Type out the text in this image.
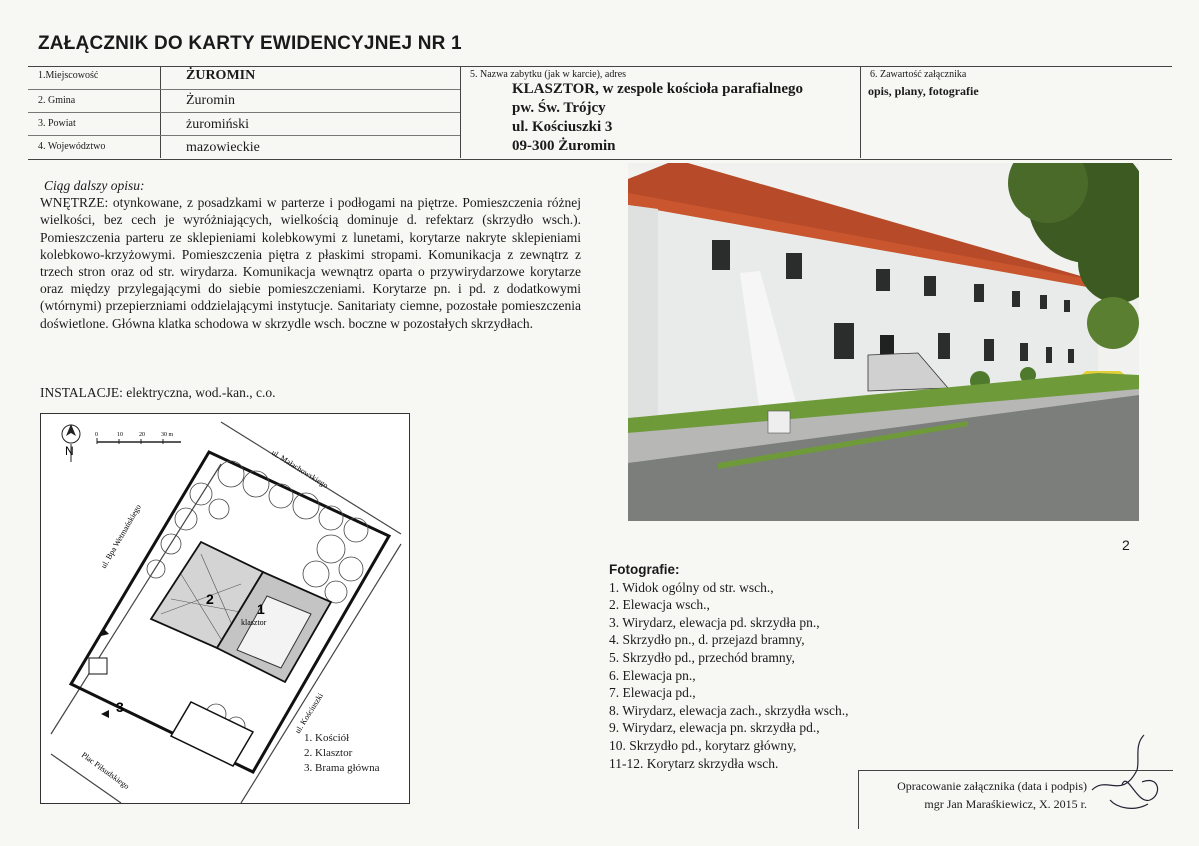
ZAŁĄCZNIK DO KARTY EWIDENCYJNEJ NR 1
1.Miejscowość	ŻUROMIN
2. Gmina	Żuromin
3. Powiat	żuromiński
4. Województwo	mazowieckie
5. Nazwa zabytku (jak w karcie), adres
KLASZTOR, w zespole kościoła parafialnego
pw. Św. Trójcy
ul. Kościuszki 3
09-300 Żuromin
6. Zawartość załącznika
opis, plany, fotografie
Ciąg dalszy opisu:

WNĘTRZE: otynkowane, z posadzkami w parterze i podłogami na piętrze. Pomieszczenia różnej wielkości, bez cech je wyróżniających, wielkością dominuje d. refektarz (skrzydło wsch.). Pomieszczenia parteru ze sklepieniami kolebkowymi z lunetami, korytarze nakryte sklepieniami kolebkowo-krzyżowymi. Pomieszczenia piętra z płaskimi stropami. Komunikacja z zewnątrz z trzech stron oraz od str. wirydarza. Komunikacja wewnątrz oparta o przywirydarzowe korytarze oraz między przylegającymi do siebie pomieszczeniami. Korytarze pn. i pd. z dodatkowymi (wtórnymi) przepierzniami oddzielającymi instytucje. Sanitariaty ciemne, pozostałe pomieszczenia doświetlone. Główna klatka schodowa w skrzydle wsch. boczne w pozostałych skrzydłach.

INSTALACJE: elektryczna, wod.-kan., c.o.
N
0	10	20	30 m
ul. Małachowskiego
ul. Bpa Wetmańskiego
ul. Kościuszki
Plac Piłsudskiego
2
1
klasztor
3
1. Kościół
2. Klasztor
3. Brama główna
2
Fotografie:
1. Widok ogólny od str. wsch.,
2. Elewacja wsch.,
3. Wirydarz, elewacja pd. skrzydła pn.,
4. Skrzydło pn., d. przejazd bramny,
5. Skrzydło pd., przechód bramny,
6. Elewacja pn.,
7. Elewacja pd.,
8. Wirydarz, elewacja zach., skrzydła wsch.,
9. Wirydarz, elewacja pn. skrzydła pd.,
10. Skrzydło pd., korytarz główny,
11-12. Korytarz skrzydła wsch.
Opracowanie załącznika (data i podpis)
mgr Jan Maraśkiewicz, X. 2015 r.
